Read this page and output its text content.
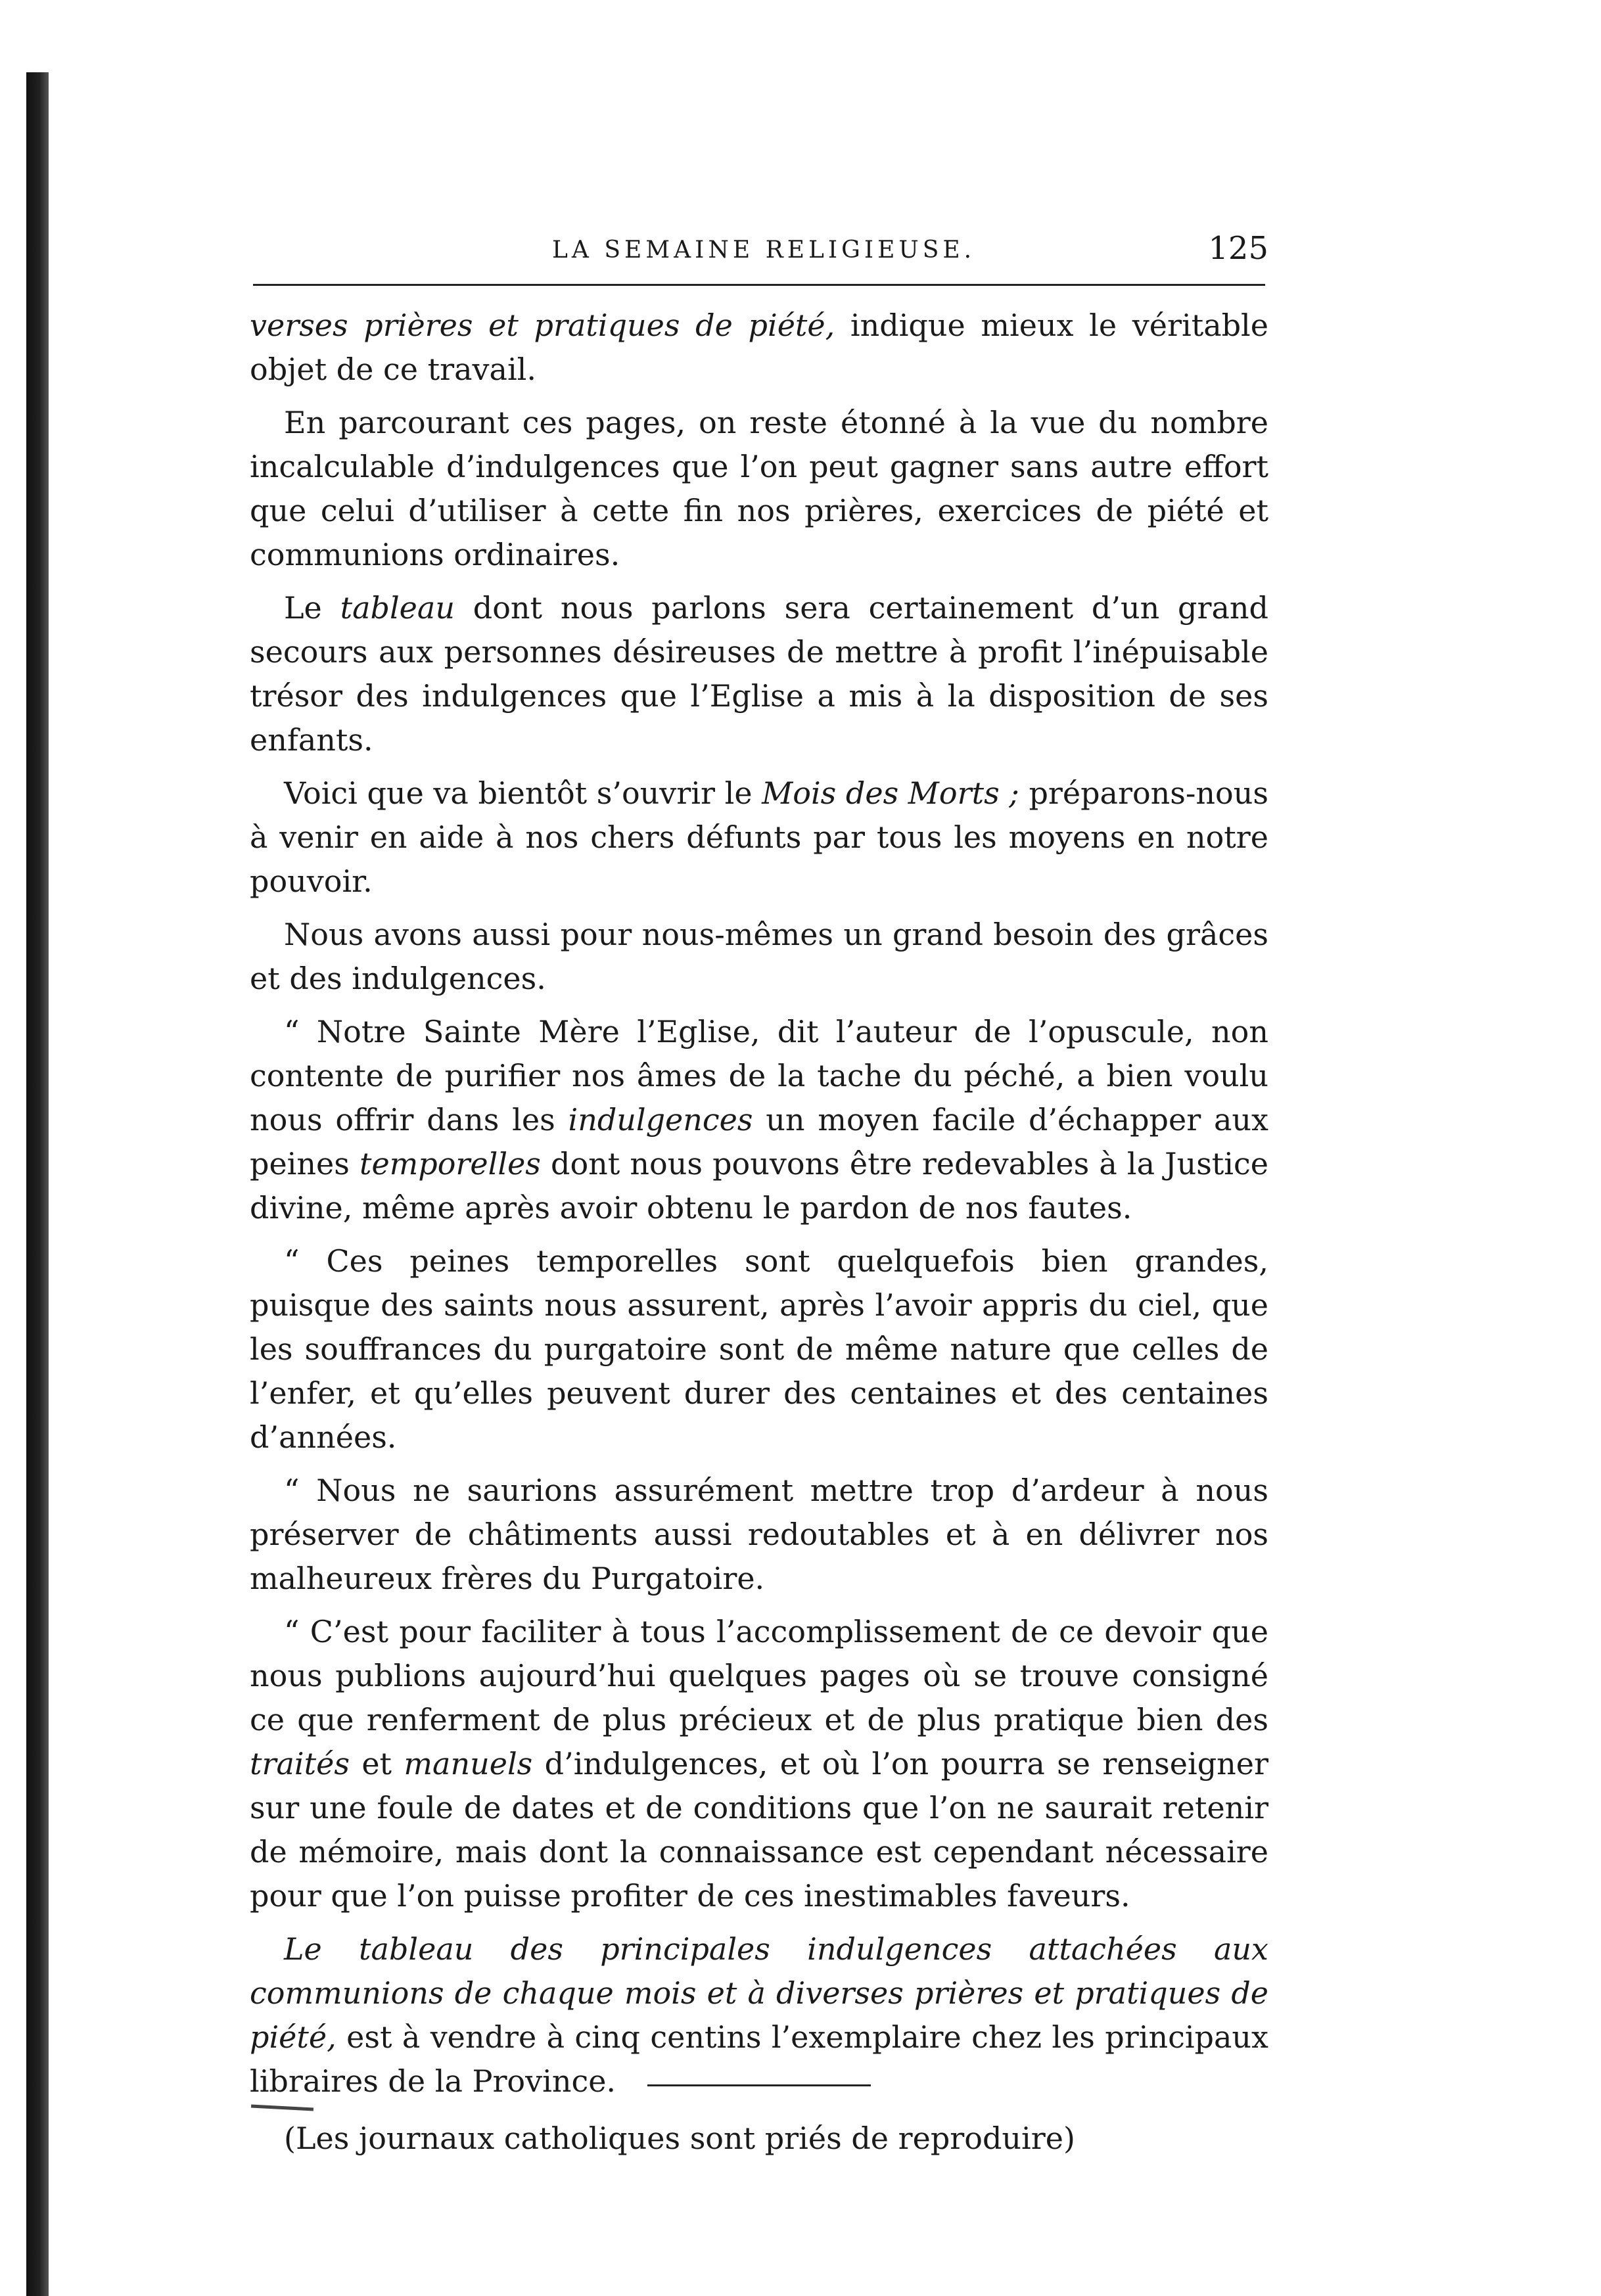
LA SEMAINE RELIGIEUSE.	125

verses prières et pratiques de piété, indique mieux le véritable objet de ce travail.

En parcourant ces pages, on reste étonné à la vue du nombre incalculable d’indulgences que l’on peut gagner sans autre effort que celui d’utiliser à cette fin nos prières, exercices de piété et communions ordinaires.

Le tableau dont nous parlons sera certainement d’un grand secours aux personnes désireuses de mettre à profit l’inépuisable trésor des indulgences que l’Eglise a mis à la disposition de ses enfants.

Voici que va bientôt s’ouvrir le Mois des Morts ; préparons-nous à venir en aide à nos chers défunts par tous les moyens en notre pouvoir.

Nous avons aussi pour nous-mêmes un grand besoin des grâces et des indulgences.

“ Notre Sainte Mère l’Eglise, dit l’auteur de l’opuscule, non contente de purifier nos âmes de la tache du péché, a bien voulu nous offrir dans les indulgences un moyen facile d’échapper aux peines temporelles dont nous pouvons être redevables à la Justice divine, même après avoir obtenu le pardon de nos fautes.

“ Ces peines temporelles sont quelquefois bien grandes, puisque des saints nous assurent, après l’avoir appris du ciel, que les souffrances du purgatoire sont de même nature que celles de l’enfer, et qu’elles peuvent durer des centaines et des centaines d’années.

“ Nous ne saurions assurément mettre trop d’ardeur à nous préserver de châtiments aussi redoutables et à en délivrer nos malheureux frères du Purgatoire.

“ C’est pour faciliter à tous l’accomplissement de ce devoir que nous publions aujourd’hui quelques pages où se trouve consigné ce que renferment de plus précieux et de plus pratique bien des traités et manuels d’indulgences, et où l’on pourra se renseigner sur une foule de dates et de conditions que l’on ne saurait retenir de mémoire, mais dont la connaissance est cependant nécessaire pour que l’on puisse profiter de ces inestimables faveurs.

Le tableau des principales indulgences attachées aux communions de chaque mois et à diverses prières et pratiques de piété, est à vendre à cinq centins l’exemplaire chez les principaux libraires de la Province.

(Les journaux catholiques sont priés de reproduire)
